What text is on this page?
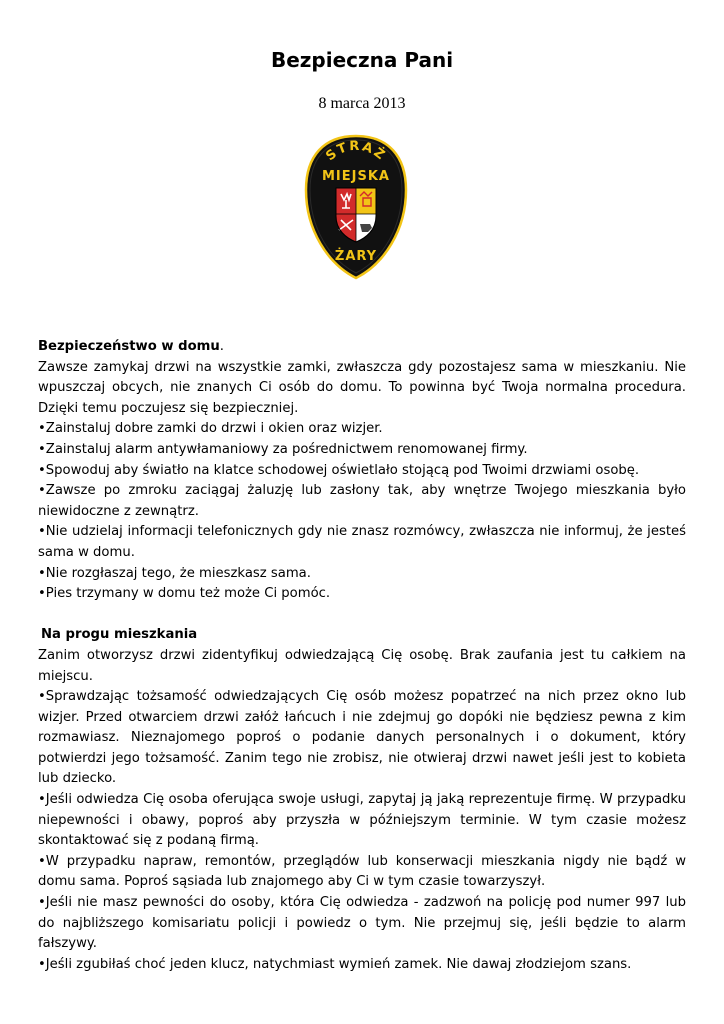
Bezpieczna Pani
8 marca 2013
STRAŻ
MIEJSKA
ŻARY

Bezpieczeństwo w domu.

Zawsze zamykaj drzwi na wszystkie zamki, zwłaszcza gdy pozostajesz sama w mieszkaniu. Nie wpuszczaj obcych, nie znanych Ci osób do domu. To powinna być Twoja normalna procedura. Dzięki temu poczujesz się bezpieczniej.

•Zainstaluj dobre zamki do drzwi i okien oraz wizjer.

•Zainstaluj alarm antywłamaniowy za pośrednictwem renomowanej firmy.

•Spowoduj aby światło na klatce schodowej oświetlało stojącą pod Twoimi drzwiami osobę.

•Zawsze po zmroku zaciągaj żaluzję lub zasłony tak, aby wnętrze Twojego mieszkania było niewidoczne z zewnątrz.

•Nie udzielaj informacji telefonicznych gdy nie znasz rozmówcy, zwłaszcza nie informuj, że jesteś sama w domu.

•Nie rozgłaszaj tego, że mieszkasz sama.

•Pies trzymany w domu też może Ci pomóc.

Na progu mieszkania

Zanim otworzysz drzwi zidentyfikuj odwiedzającą Cię osobę. Brak zaufania jest tu całkiem na miejscu.

•Sprawdzając tożsamość odwiedzających Cię osób możesz popatrzeć na nich przez okno lub wizjer. Przed otwarciem drzwi załóż łańcuch i nie zdejmuj go dopóki nie będziesz pewna z kim rozmawiasz. Nieznajomego poproś o podanie danych personalnych i o dokument, który potwierdzi jego tożsamość. Zanim tego nie zrobisz, nie otwieraj drzwi nawet jeśli jest to kobieta lub dziecko.

•Jeśli odwiedza Cię osoba oferująca swoje usługi, zapytaj ją jaką reprezentuje firmę. W przypadku niepewności i obawy, poproś aby przyszła w późniejszym terminie. W tym czasie możesz skontaktować się z podaną firmą.

•W przypadku napraw, remontów, przeglądów lub konserwacji mieszkania nigdy nie bądź w domu sama. Poproś sąsiada lub znajomego aby Ci w tym czasie towarzyszył.

•Jeśli nie masz pewności do osoby, która Cię odwiedza - zadzwoń na policję pod numer 997 lub do najbliższego komisariatu policji i powiedz o tym. Nie przejmuj się, jeśli będzie to alarm fałszywy.

•Jeśli zgubiłaś choć jeden klucz, natychmiast wymień zamek. Nie dawaj złodziejom szans.
